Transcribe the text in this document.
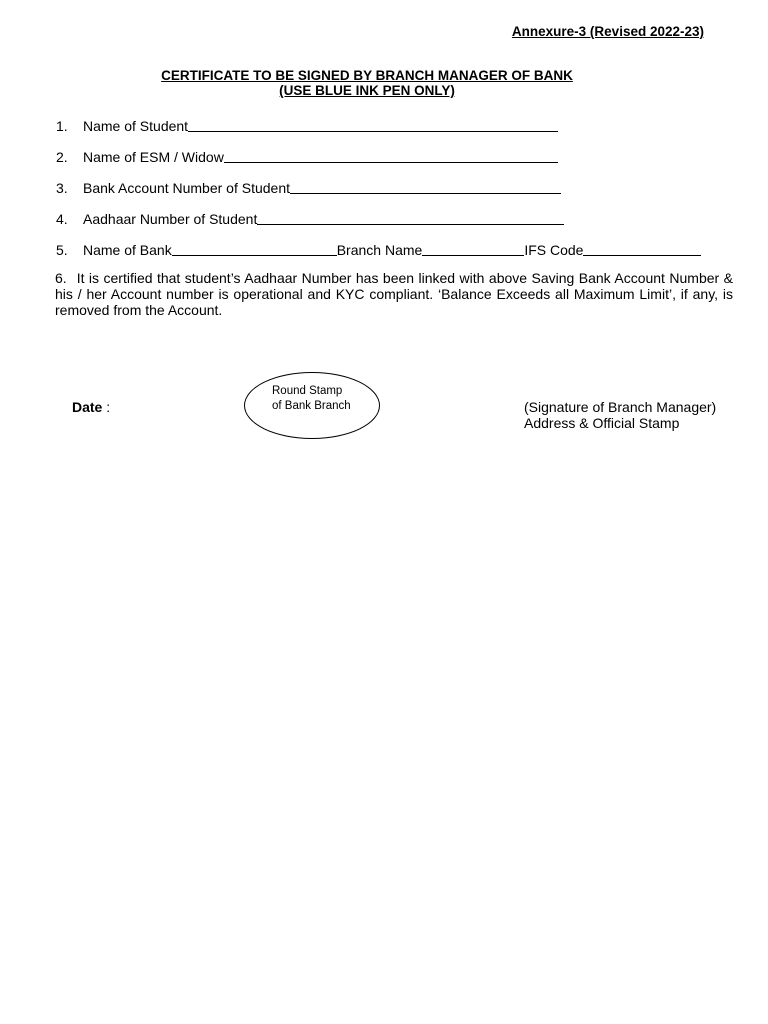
Annexure-3 (Revised 2022-23)
CERTIFICATE TO BE SIGNED BY BRANCH MANAGER OF BANK
(USE BLUE INK PEN ONLY)
1.	Name of Student
2.	Name of ESM / Widow
3.	Bank Account Number of Student
4.	Aadhaar Number of Student
5.	Name of Bank	Branch Name	IFS Code
6. It is certified that student’s Aadhaar Number has been linked with above Saving Bank Account Number & his / her Account number is operational and KYC compliant. ‘Balance Exceeds all Maximum Limit’, if any, is removed from the Account.
Date :
Round Stamp
of Bank Branch	(Signature of Branch Manager)
Address & Official Stamp
